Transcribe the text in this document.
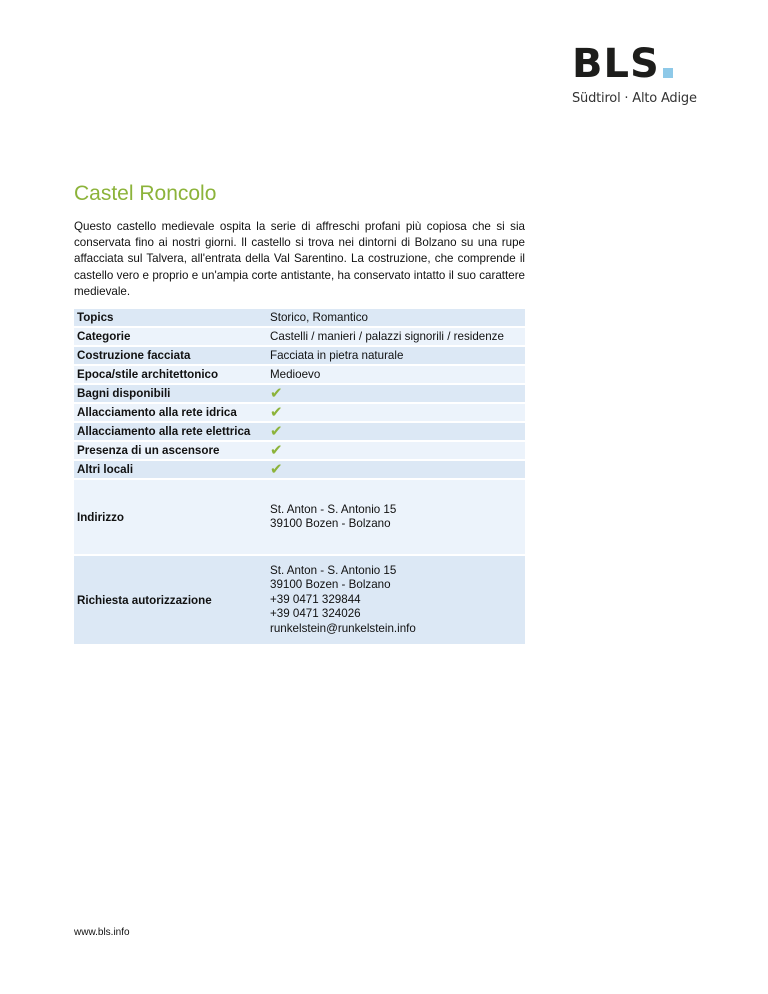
BLS
Südtirol · Alto Adige
Castel Roncolo

Questo castello medievale ospita la serie di affreschi profani più copiosa che si sia conservata fino ai nostri giorni. Il castello si trova nei dintorni di Bolzano su una rupe affacciata sul Talvera, all'entrata della Val Sarentino. La costruzione, che comprende il castello vero e proprio e un'ampia corte antistante, ha conservato intatto il suo carattere medievale.

Topics	Storico, Romantico
Categorie	Castelli / manieri / palazzi signorili / residenze
Costruzione facciata	Facciata in pietra naturale
Epoca/stile architettonico	Medioevo
Bagni disponibili	✔
Allacciamento alla rete idrica	✔
Allacciamento alla rete elettrica	✔
Presenza di un ascensore	✔
Altri locali	✔
Indirizzo	St. Anton - S. Antonio 15
39100 Bozen - Bolzano

Richiesta autorizzazione	St. Anton - S. Antonio 15
39100 Bozen - Bolzano
+39 0471 329844
+39 0471 324026
runkelstein@runkelstein.info
www.bls.info
